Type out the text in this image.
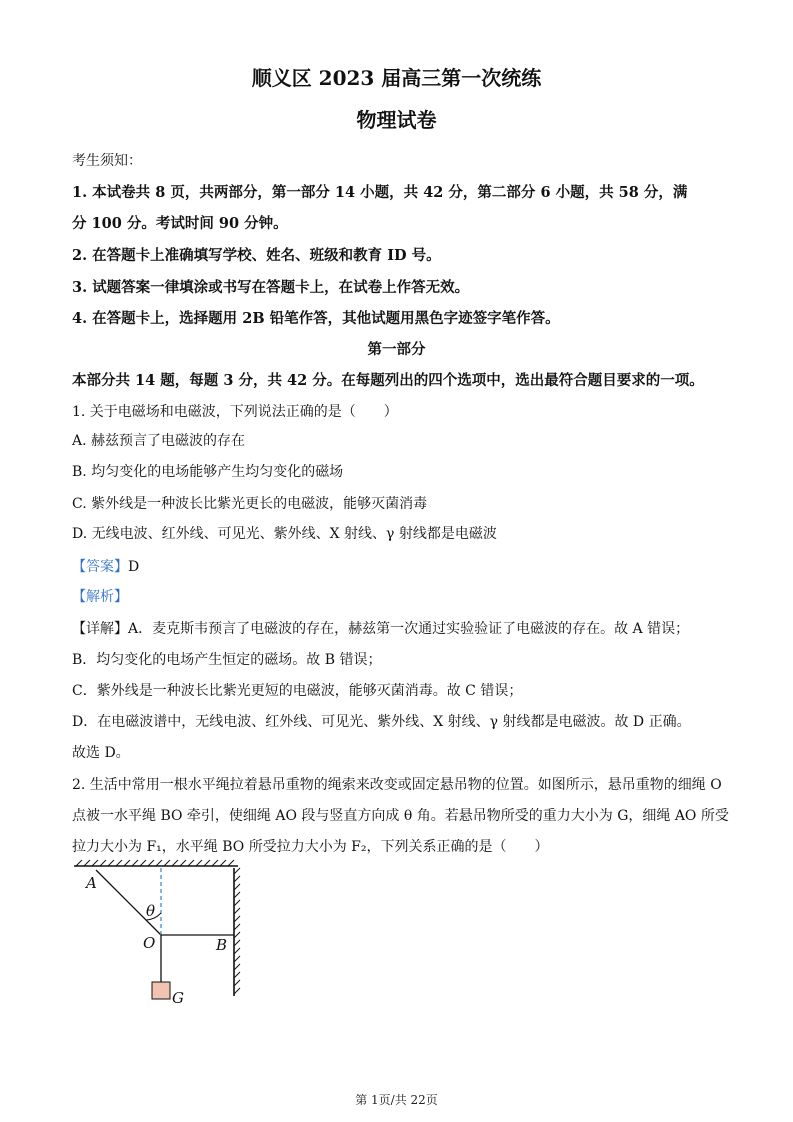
顺义区 2023 届高三第一次统练
物理试卷
考生须知：
1. 本试卷共 8 页，共两部分，第一部分 14 小题，共 42 分，第二部分 6 小题，共 58 分，满
分 100 分。考试时间 90 分钟。
2. 在答题卡上准确填写学校、姓名、班级和教育 ID 号。
3. 试题答案一律填涂或书写在答题卡上，在试卷上作答无效。
4. 在答题卡上，选择题用 2B 铅笔作答，其他试题用黑色字迹签字笔作答。
第一部分
本部分共 14 题，每题 3 分，共 42 分。在每题列出的四个选项中，选出最符合题目要求的一项。
1. 关于电磁场和电磁波，下列说法正确的是（　　）
A. 赫兹预言了电磁波的存在
B. 均匀变化的电场能够产生均匀变化的磁场
C. 紫外线是一种波长比紫光更长的电磁波，能够灭菌消毒
D. 无线电波、红外线、可见光、紫外线、X 射线、γ 射线都是电磁波
【答案】D
【解析】
【详解】A．麦克斯韦预言了电磁波的存在，赫兹第一次通过实验验证了电磁波的存在。故 A 错误；
B．均匀变化的电场产生恒定的磁场。故 B 错误；
C．紫外线是一种波长比紫光更短的电磁波，能够灭菌消毒。故 C 错误；
D．在电磁波谱中，无线电波、红外线、可见光、紫外线、X 射线、γ 射线都是电磁波。故 D 正确。
故选 D。
2. 生活中常用一根水平绳拉着悬吊重物的绳索来改变或固定悬吊物的位置。如图所示，悬吊重物的细绳 O
点被一水平绳 BO 牵引，使细绳 AO 段与竖直方向成 θ 角。若悬吊物所受的重力大小为 G，细绳 AO 所受
拉力大小为 F₁，水平绳 BO 所受拉力大小为 F₂，下列关系正确的是（　　）
A
θ
O	B
G
第 1页/共 22页
